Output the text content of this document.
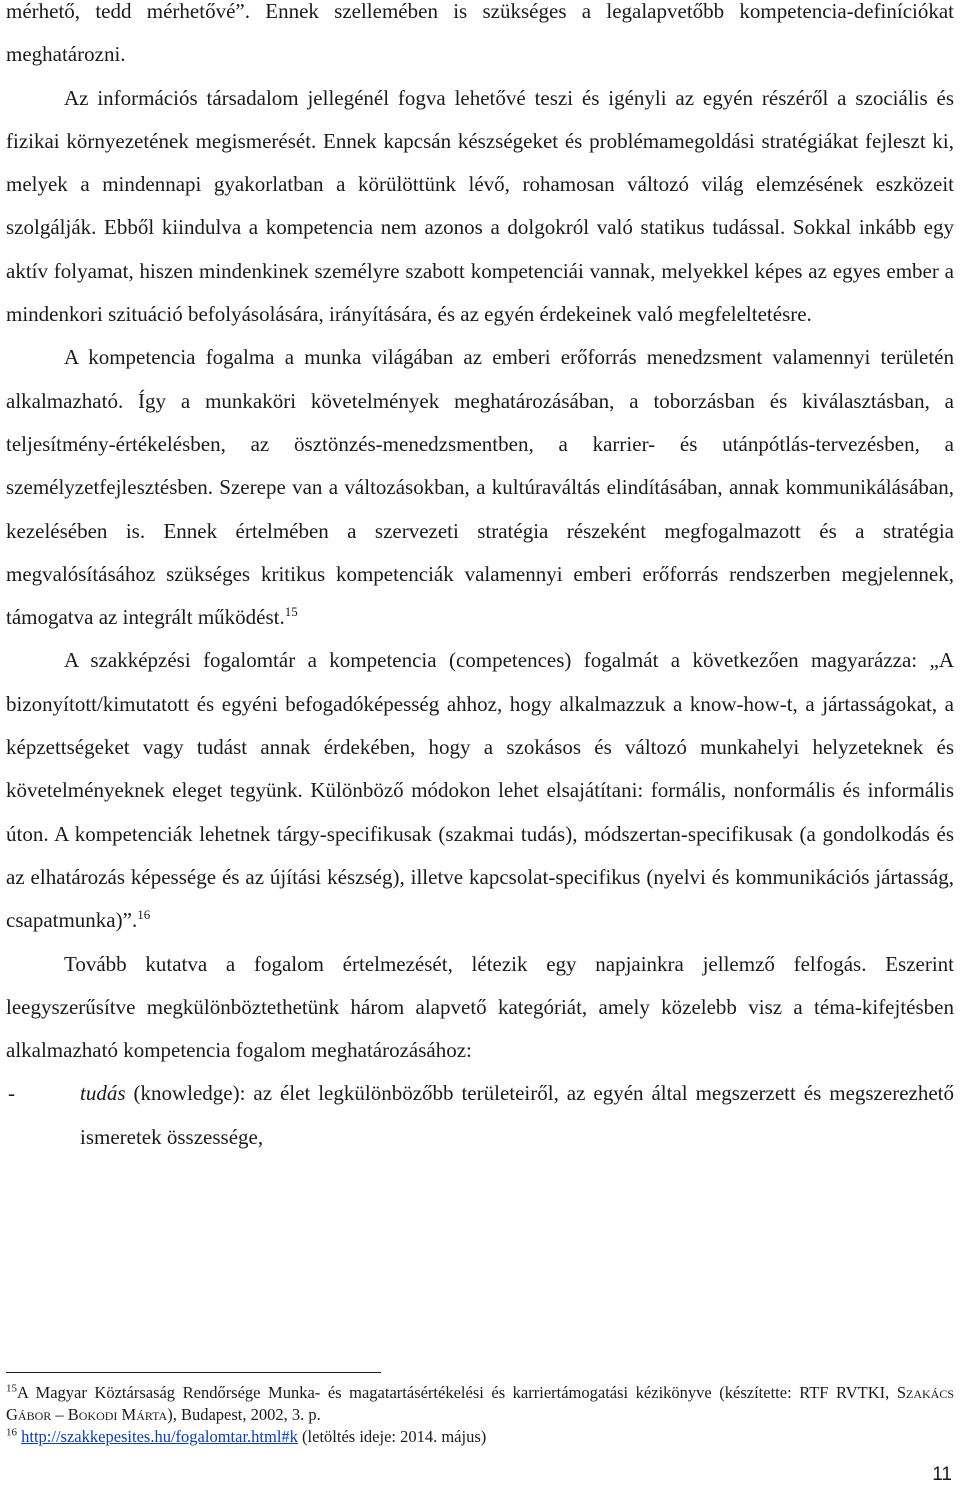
mérhető, tedd mérhetővé”. Ennek szellemében is szükséges a legalapvetőbb kompetencia-definíciókat meghatározni.

Az információs társadalom jellegénél fogva lehetővé teszi és igényli az egyén részéről a szociális és fizikai környezetének megismerését. Ennek kapcsán készségeket és problémamegoldási stratégiákat fejleszt ki, melyek a mindennapi gyakorlatban a körülöttünk lévő, rohamosan változó világ elemzésének eszközeit szolgálják. Ebből kiindulva a kompetencia nem azonos a dolgokról való statikus tudással. Sokkal inkább egy aktív folyamat, hiszen mindenkinek személyre szabott kompetenciái vannak, melyekkel képes az egyes ember a mindenkori szituáció befolyásolására, irányítására, és az egyén érdekeinek való megfeleltetésre.

A kompetencia fogalma a munka világában az emberi erőforrás menedzsment valamennyi területén alkalmazható. Így a munkaköri követelmények meghatározásában, a toborzásban és kiválasztásban, a teljesítmény-értékelésben, az ösztönzés-menedzsmentben, a karrier- és utánpótlás-tervezésben, a személyzetfejlesztésben. Szerepe van a változásokban, a kultúraváltás elindításában, annak kommunikálásában, kezelésében is. Ennek értelmében a szervezeti stratégia részeként megfogalmazott és a stratégia megvalósításához szükséges kritikus kompetenciák valamennyi emberi erőforrás rendszerben megjelennek, támogatva az integrált működést.$^{15}$

A szakképzési fogalomtár a kompetencia (competences) fogalmát a következően magyarázza: „A bizonyított/kimutatott és egyéni befogadóképesség ahhoz, hogy alkalmazzuk a know-how-t, a jártasságokat, a képzettségeket vagy tudást annak érdekében, hogy a szokásos és változó munkahelyi helyzeteknek és követelményeknek eleget tegyünk. Különböző módokon lehet elsajátítani: formális, nonformális és informális úton. A kompetenciák lehetnek tárgy-specifikusak (szakmai tudás), módszertan-specifikusak (a gondolkodás és az elhatározás képessége és az újítási készség), illetve kapcsolat-specifikus (nyelvi és kommunikációs jártasság, csapatmunka)”.$^{16}$

Tovább kutatva a fogalom értelmezését, létezik egy napjainkra jellemző felfogás. Eszerint leegyszerűsítve megkülönböztethetünk három alapvető kategóriát, amely közelebb visz a téma-kifejtésben alkalmazható kompetencia fogalom meghatározásához:

-	tudás (knowledge): az élet legkülönbözőbb területeiről, az egyén által megszerzett és megszerezhető ismeretek összessége,

$^{15}$A Magyar Köztársaság Rendőrsége Munka- és magatartásértékelési és karriertámogatási kézikönyve (készítette: RTF RVTKI, Szakács Gábor – Bokodi Márta), Budapest, 2002, 3. p.

$^{16}$ http://szakkepesites.hu/fogalomtar.html#k (letöltés ideje: 2014. május)

11
